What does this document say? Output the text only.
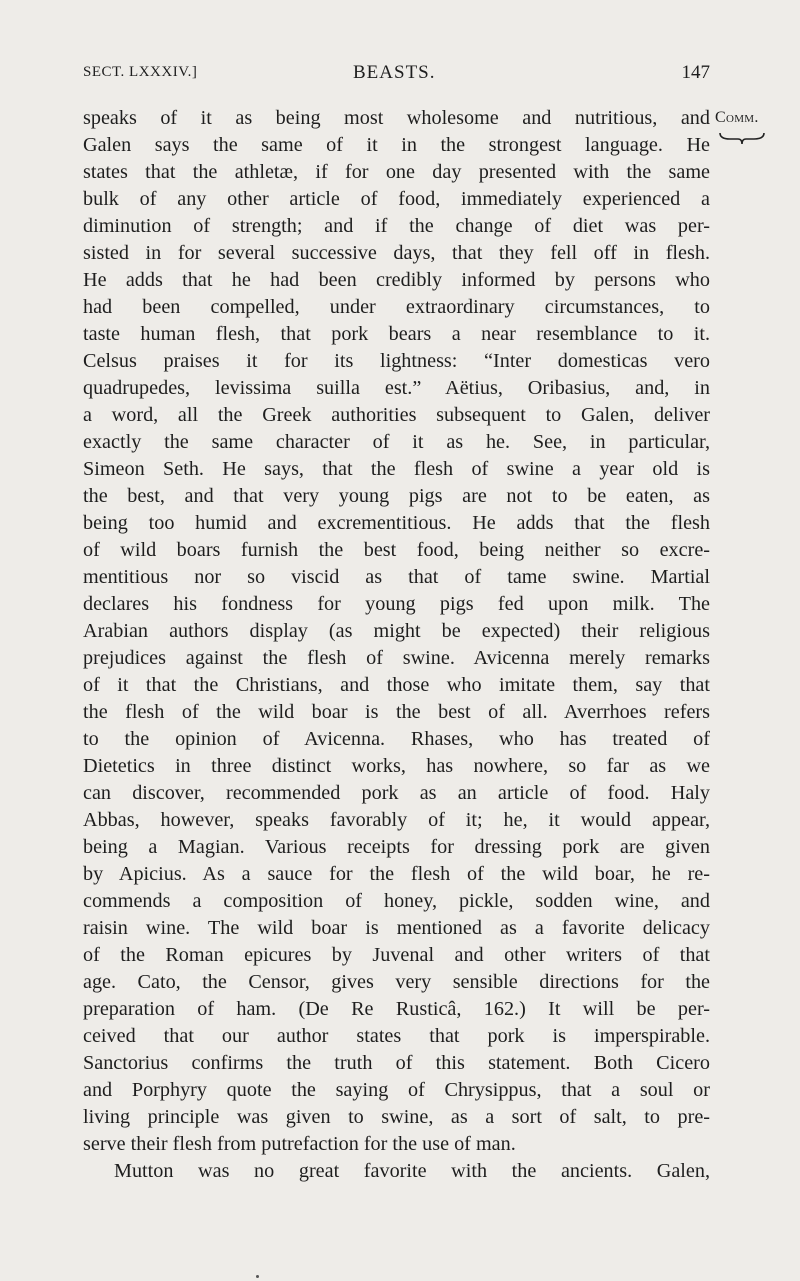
SECT. LXXXIV.]	BEASTS.	147
Comm.
speaks of it as being most wholesome and nutritious, and
Galen says the same of it in the strongest language. He
states that the athletæ, if for one day presented with the same
bulk of any other article of food, immediately experienced a
diminution of strength; and if the change of diet was per-
sisted in for several successive days, that they fell off in flesh.
He adds that he had been credibly informed by persons who
had been compelled, under extraordinary circumstances, to
taste human flesh, that pork bears a near resemblance to it.
Celsus praises it for its lightness: “Inter domesticas vero
quadrupedes, levissima suilla est.” Aëtius, Oribasius, and, in
a word, all the Greek authorities subsequent to Galen, deliver
exactly the same character of it as he. See, in particular,
Simeon Seth. He says, that the flesh of swine a year old is
the best, and that very young pigs are not to be eaten, as
being too humid and excrementitious. He adds that the flesh
of wild boars furnish the best food, being neither so excre-
mentitious nor so viscid as that of tame swine. Martial
declares his fondness for young pigs fed upon milk. The
Arabian authors display (as might be expected) their religious
prejudices against the flesh of swine. Avicenna merely remarks
of it that the Christians, and those who imitate them, say that
the flesh of the wild boar is the best of all. Averrhoes refers
to the opinion of Avicenna. Rhases, who has treated of
Dietetics in three distinct works, has nowhere, so far as we
can discover, recommended pork as an article of food. Haly
Abbas, however, speaks favorably of it; he, it would appear,
being a Magian. Various receipts for dressing pork are given
by Apicius. As a sauce for the flesh of the wild boar, he re-
commends a composition of honey, pickle, sodden wine, and
raisin wine. The wild boar is mentioned as a favorite delicacy
of the Roman epicures by Juvenal and other writers of that
age. Cato, the Censor, gives very sensible directions for the
preparation of ham. (De Re Rusticâ, 162.) It will be per-
ceived that our author states that pork is imperspirable.
Sanctorius confirms the truth of this statement. Both Cicero
and Porphyry quote the saying of Chrysippus, that a soul or
living principle was given to swine, as a sort of salt, to pre-
serve their flesh from putrefaction for the use of man.
Mutton was no great favorite with the ancients. Galen,
